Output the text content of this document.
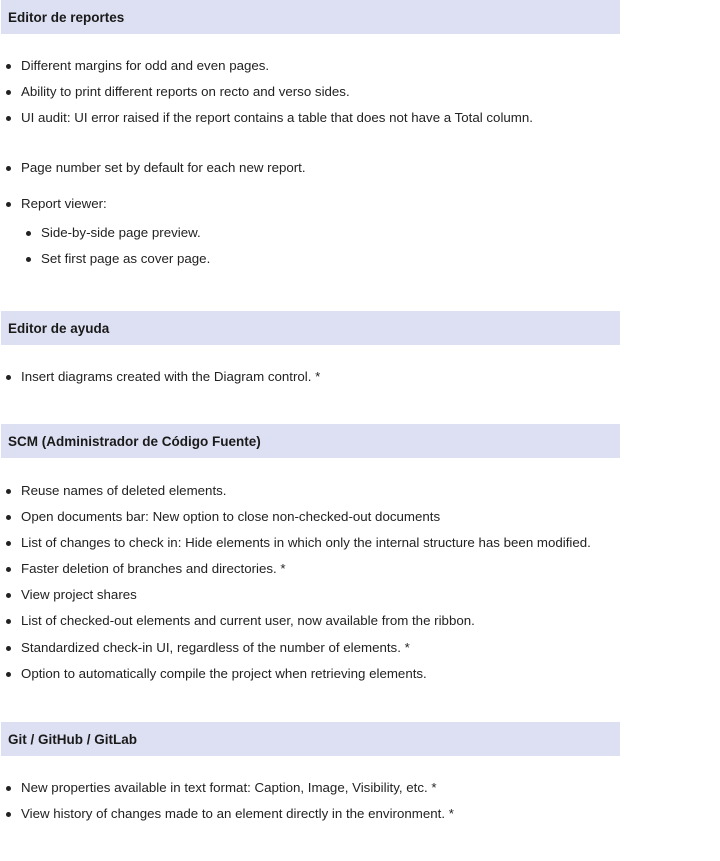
Editor de reportes
Different margins for odd and even pages.
Ability to print different reports on recto and verso sides.
UI audit: UI error raised if the report contains a table that does not have a Total column.
Page number set by default for each new report.
Report viewer:
Side-by-side page preview.
Set first page as cover page.
Editor de ayuda
Insert diagrams created with the Diagram control. *
SCM (Administrador de Código Fuente)
Reuse names of deleted elements.
Open documents bar: New option to close non-checked-out documents
List of changes to check in: Hide elements in which only the internal structure has been modified.
Faster deletion of branches and directories. *
View project shares
List of checked-out elements and current user, now available from the ribbon.
Standardized check-in UI, regardless of the number of elements. *
Option to automatically compile the project when retrieving elements.
Git / GitHub / GitLab
New properties available in text format: Caption, Image, Visibility, etc. *
View history of changes made to an element directly in the environment. *
